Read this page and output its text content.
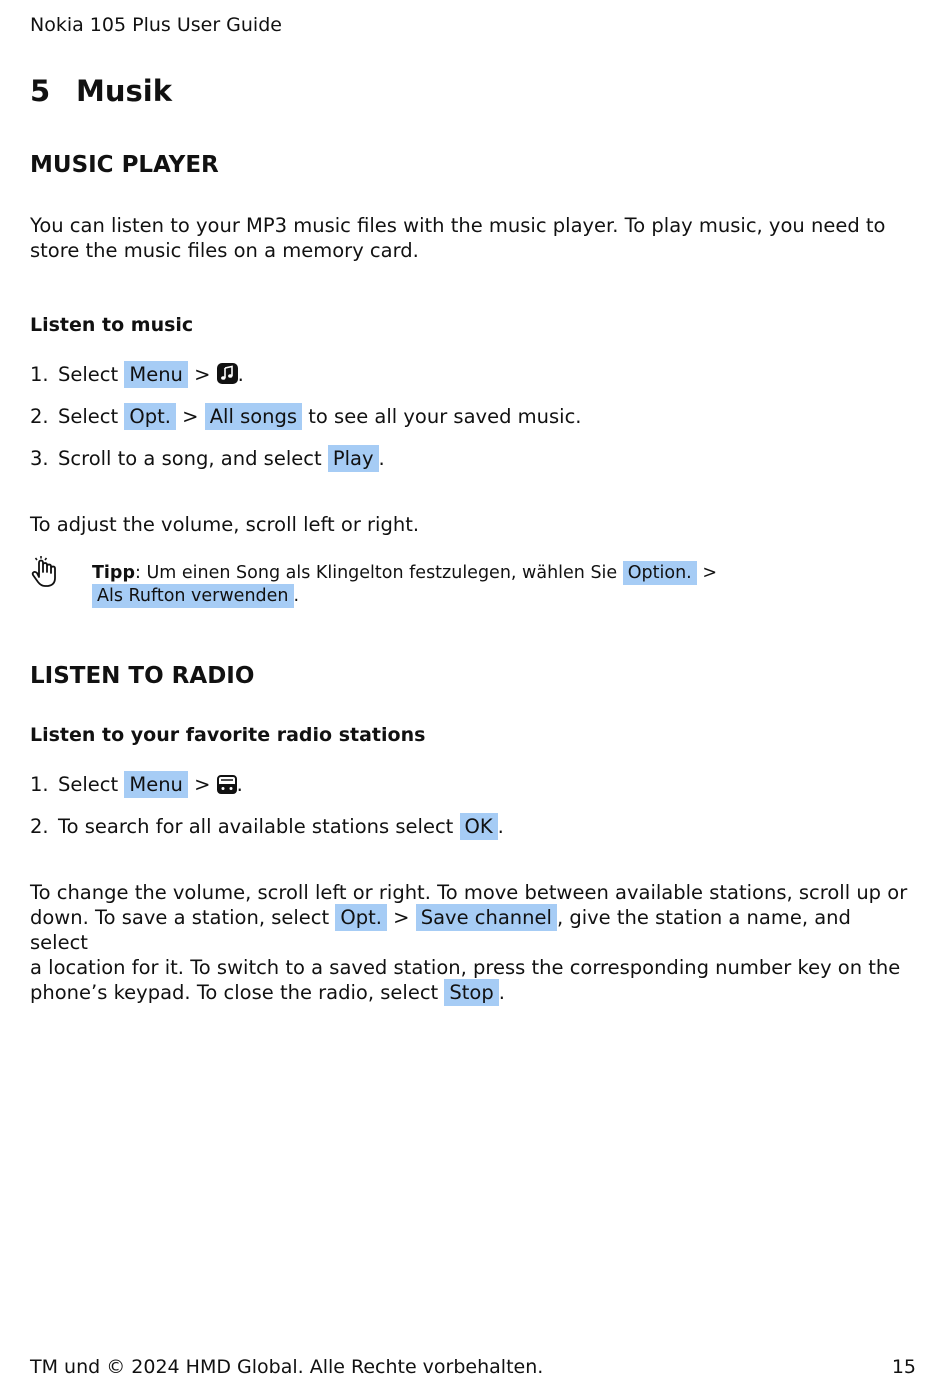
Nokia 105 Plus User Guide
5 Musik
MUSIC PLAYER
You can listen to your MP3 music files with the music player. To play music, you need to store the music files on a memory card.
Listen to music
1. Select Menu > .
2. Select Opt. > All songs to see all your saved music.
3. Scroll to a song, and select Play .
To adjust the volume, scroll left or right.
Tipp: Um einen Song als Klingelton festzulegen, wählen Sie Option. >
Als Rufton verwenden .
LISTEN TO RADIO
Listen to your favorite radio stations
1. Select Menu > .
2. To search for all available stations select OK .
To change the volume, scroll left or right. To move between available stations, scroll up or
down. To save a station, select Opt. > Save channel , give the station a name, and select
a location for it. To switch to a saved station, press the corresponding number key on the
phone’s keypad. To close the radio, select Stop .
TM und © 2024 HMD Global. Alle Rechte vorbehalten.	15
